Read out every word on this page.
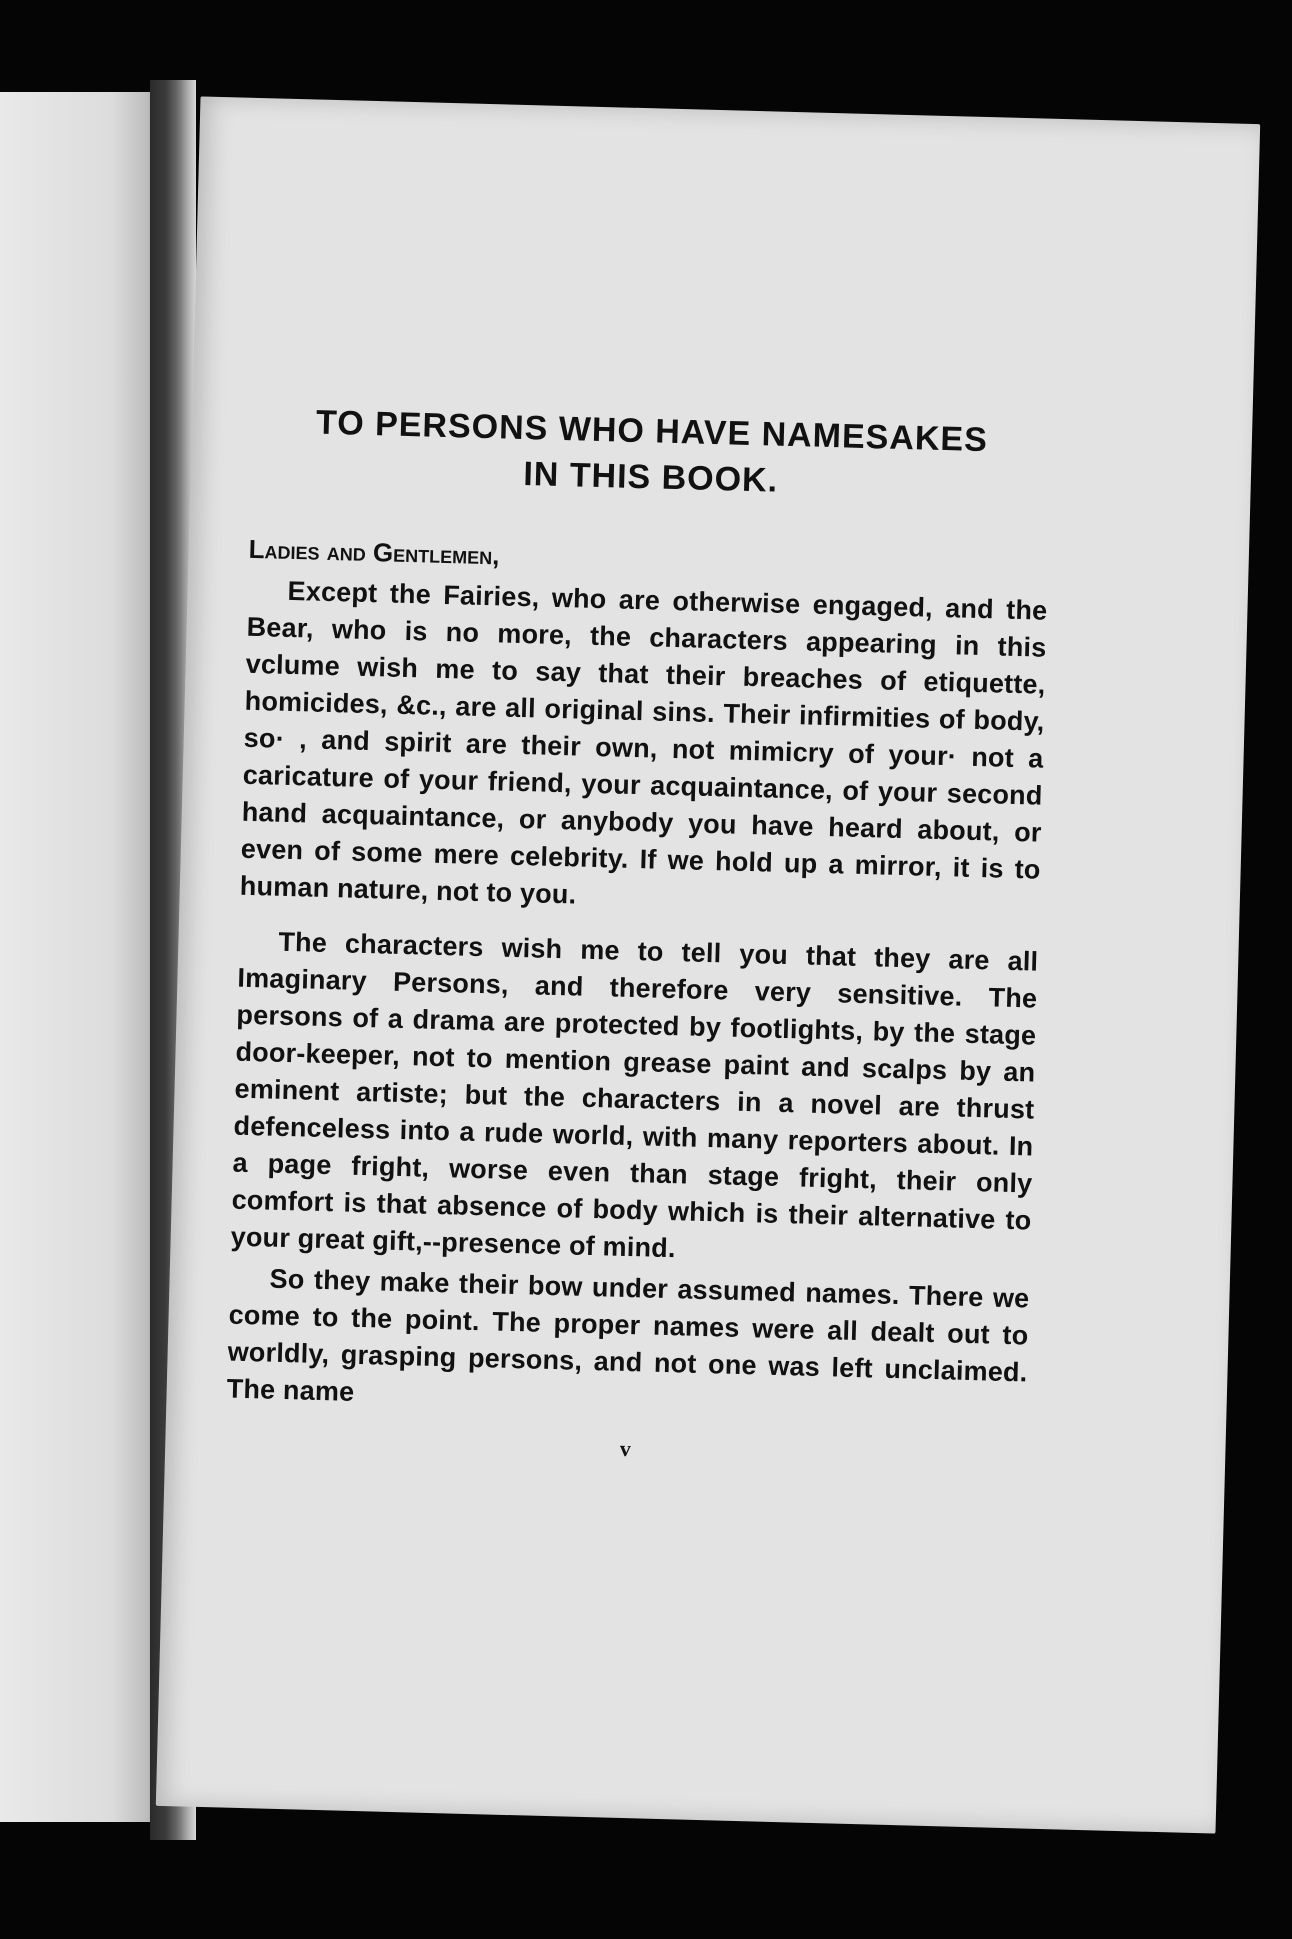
TO PERSONS WHO HAVE NAMESAKES
IN THIS BOOK.
Ladies and Gentlemen,

Except the Fairies, who are otherwise engaged, and the Bear, who is no more, the characters appearing in this vclume wish me to say that their breaches of etiquette, homicides, &c., are all original sins. Their infirmities of body, so· , and spirit are their own, not mimicry of your· not a caricature of your friend, your acquaintance, of your second hand acquaintance, or anybody you have heard about, or even of some mere celebrity. If we hold up a mirror, it is to human nature, not to you.

The characters wish me to tell you that they are all Imaginary Persons, and therefore very sensitive. The persons of a drama are protected by footlights, by the stage door-keeper, not to mention grease paint and scalps by an eminent artiste; but the characters in a novel are thrust defenceless into a rude world, with many reporters about. In a page fright, worse even than stage fright, their only comfort is that absence of body which is their alternative to your great gift,--presence of mind.

So they make their bow under assumed names. There we come to the point. The proper names were all dealt out to worldly, grasping persons, and not one was left unclaimed. The name

v
